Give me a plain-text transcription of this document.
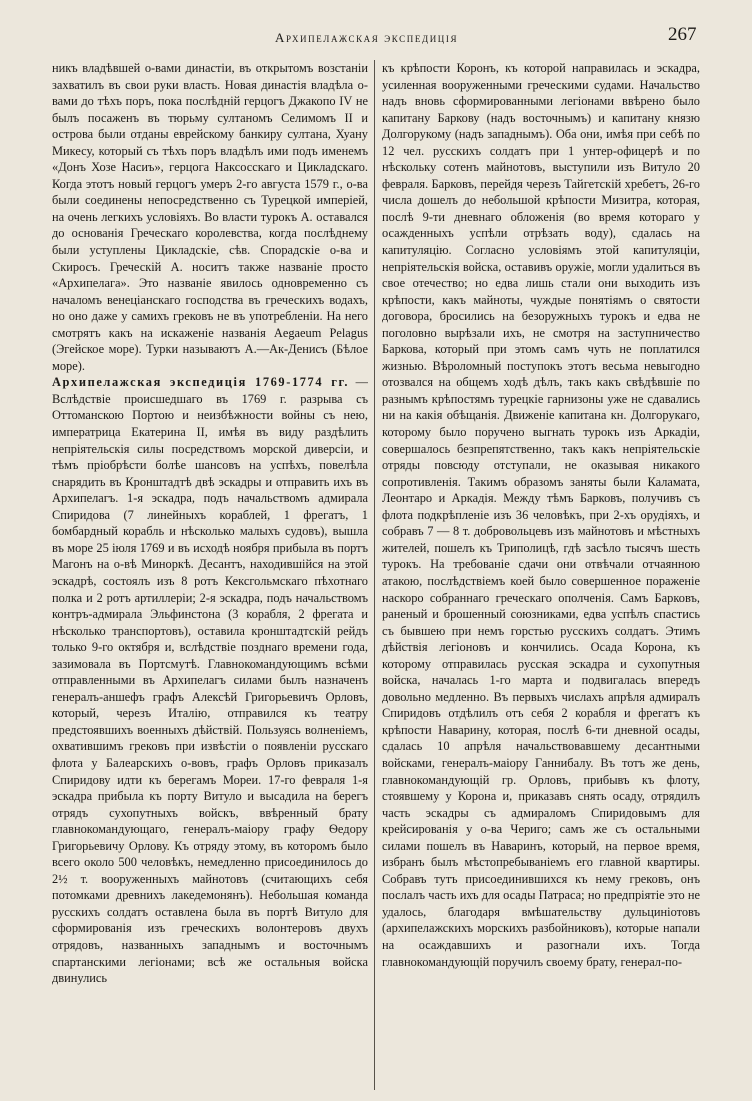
Архипелажская экспедиція	267

никъ владѣвшей о-вами династіи, въ открытомъ возстаніи захватилъ въ свои руки власть. Новая династія владѣла о-вами до тѣхъ поръ, пока послѣдній герцогъ Джакопо IV не былъ посаженъ въ тюрьму султаномъ Селимомъ II и острова были отданы еврейскому банкиру султана, Хуану Микесу, который съ тѣхъ поръ владѣлъ ими подъ именемъ «Донъ Хозе Насиъ», герцога Наксосскаго и Цикладскаго. Когда этотъ новый герцогъ умеръ 2-го августа 1579 г., о-ва были соединены непосредственно съ Турецкой имперіей, на очень легкихъ условіяхъ. Во власти турокъ А. оставался до основанія Греческаго королевства, когда послѣднему были уступлены Цикладскіе, сѣв. Спорадскіе о-ва и Скиросъ. Греческій А. носитъ также названіе просто «Архипелага». Это названіе явилось одновременно съ началомъ венеціанскаго господства въ греческихъ водахъ, но оно даже у самихъ грековъ не въ употребленіи. На него смотрятъ какъ на искаженіе названія Aegaeum Pelagus (Эгейское море). Турки называютъ А.—Ак-Денисъ (Бѣлое море).

Архипелажская экспедиція 1769-1774 гг. — Вслѣдствіе происшедшаго въ 1769 г. разрыва съ Оттоманскою Портою и неизбѣжности войны съ нею, императрица Екатерина II, имѣя въ виду раздѣлить непріятельскія силы посредствомъ морской диверсіи, и тѣмъ пріобрѣсти болѣе шансовъ на успѣхъ, повелѣла снарядить въ Кронштадтѣ двѣ эскадры и отправить ихъ въ Архипелагъ. 1-я эскадра, подъ начальствомъ адмирала Спиридова (7 линейныхъ кораблей, 1 фрегатъ, 1 бомбардный корабль и нѣсколько малыхъ судовъ), вышла въ море 25 іюля 1769 и въ исходѣ ноября прибыла въ портъ Магонъ на о-вѣ Миноркѣ. Десантъ, находившійся на этой эскадрѣ, состоялъ изъ 8 ротъ Кексгольмскаго пѣхотнаго полка и 2 ротъ артиллеріи; 2-я эскадра, подъ начальствомъ контръ-адмирала Эльфинстона (3 корабля, 2 фрегата и нѣсколько транспортовъ), оставила кронштадтскій рейдъ только 9-го октября и, вслѣдствіе позднаго времени года, зазимовала въ Портсмутѣ. Главнокомандующимъ всѣми отправленными въ Архипелагъ силами былъ назначенъ генералъ-аншефъ графъ Алексѣй Григорьевичъ Орловъ, который, черезъ Италію, отправился къ театру предстоявшихъ военныхъ дѣйствій. Пользуясь волненіемъ, охватившимъ грековъ при извѣстіи о появленіи русскаго флота у Балеарскихъ о-вовъ, графъ Орловъ приказалъ Спиридову идти къ берегамъ Мореи. 17-го февраля 1-я эскадра прибыла къ порту Витуло и высадила на берегъ отрядъ сухопутныхъ войскъ, ввѣренный брату главнокомандующаго, генералъ-маіору графу Ѳедору Григорьевичу Орлову. Къ отряду этому, въ которомъ было всего около 500 человѣкъ, немедленно присоединилось до 2½ т. вооруженныхъ майнотовъ (считающихъ себя потомками древнихъ лакедемонянъ). Небольшая команда русскихъ солдатъ оставлена была въ портѣ Витуло для сформированія изъ греческихъ волонтеровъ двухъ отрядовъ, названныхъ западнымъ и восточнымъ спартанскими легіонами; всѣ же остальныя войска двинулись

къ крѣпости Коронъ, къ которой направилась и эскадра, усиленная вооруженными греческими судами. Начальство надъ вновь сформированными легіонами ввѣрено было капитану Баркову (надъ восточнымъ) и капитану князю Долгорукому (надъ западнымъ). Оба они, имѣя при себѣ по 12 чел. русскихъ солдатъ при 1 унтер-офицерѣ и по нѣскольку сотенъ майнотовъ, выступили изъ Витуло 20 февраля. Барковъ, перейдя черезъ Тайгетскій хребетъ, 26-го числа дошелъ до небольшой крѣпости Мизитра, которая, послѣ 9-ти дневнаго обложенія (во время котораго у осажденныхъ успѣли отрѣзать воду), сдалась на капитуляцію. Согласно условіямъ этой капитуляціи, непріятельскія войска, оставивъ оружіе, могли удалиться въ свое отечество; но едва лишь стали они выходить изъ крѣпости, какъ майноты, чуждые понятіямъ о святости договора, бросились на безоружныхъ турокъ и едва не поголовно вырѣзали ихъ, не смотря на заступничество Баркова, который при этомъ самъ чуть не поплатился жизнью. Вѣроломный поступокъ этотъ весьма невыгодно отозвался на общемъ ходѣ дѣлъ, такъ какъ свѣдѣвшіе по разнымъ крѣпостямъ турецкіе гарнизоны уже не сдавались ни на какія обѣщанія. Движеніе капитана кн. Долгорукаго, которому было поручено выгнать турокъ изъ Аркадіи, совершалось безпрепятственно, такъ какъ непріятельскіе отряды повсюду отступали, не оказывая никакого сопротивленія. Такимъ образомъ заняты были Каламата, Леонтаро и Аркадія. Между тѣмъ Барковъ, получивъ съ флота подкрѣпленіе изъ 36 человѣкъ, при 2-хъ орудіяхъ, и собравъ 7 — 8 т. добровольцевъ изъ майнотовъ и мѣстныхъ жителей, пошелъ къ Триполицѣ, гдѣ засѣло тысячъ шесть турокъ. На требованіе сдачи они отвѣчали отчаянною атакою, послѣдствіемъ коей было совершенное пораженіе наскоро собраннаго греческаго ополченія. Самъ Барковъ, раненый и брошенный союзниками, едва успѣлъ спастись съ бывшею при немъ горстью русскихъ солдатъ. Этимъ дѣйствія легіоновъ и кончились. Осада Корона, къ которому отправилась русская эскадра и сухопутныя войска, началась 1-го марта и подвигалась впередъ довольно медленно. Въ первыхъ числахъ апрѣля адмиралъ Спиридовъ отдѣлилъ отъ себя 2 корабля и фрегатъ къ крѣпости Наварину, которая, послѣ 6-ти дневной осады, сдалась 10 апрѣля начальствовавшему десантными войсками, генералъ-маіору Ганнибалу. Въ тотъ же день, главнокомандующій гр. Орловъ, прибывъ къ флоту, стоявшему у Корона и, приказавъ снять осаду, отрядилъ часть эскадры съ адмираломъ Спиридовымъ для крейсированія у о-ва Чериго; самъ же съ остальными силами пошелъ въ Наваринъ, который, на первое время, избранъ былъ мѣстопребываніемъ его главной квартиры. Собравъ тутъ присоединившихся къ нему грековъ, онъ послалъ часть ихъ для осады Патраса; но предпріятіе это не удалось, благодаря вмѣшательству дульциніотовъ (архипелажскихъ морскихъ разбойниковъ), которые напали на осаждавшихъ и разогнали ихъ. Тогда главнокомандующій поручилъ своему брату, генерал-по-
